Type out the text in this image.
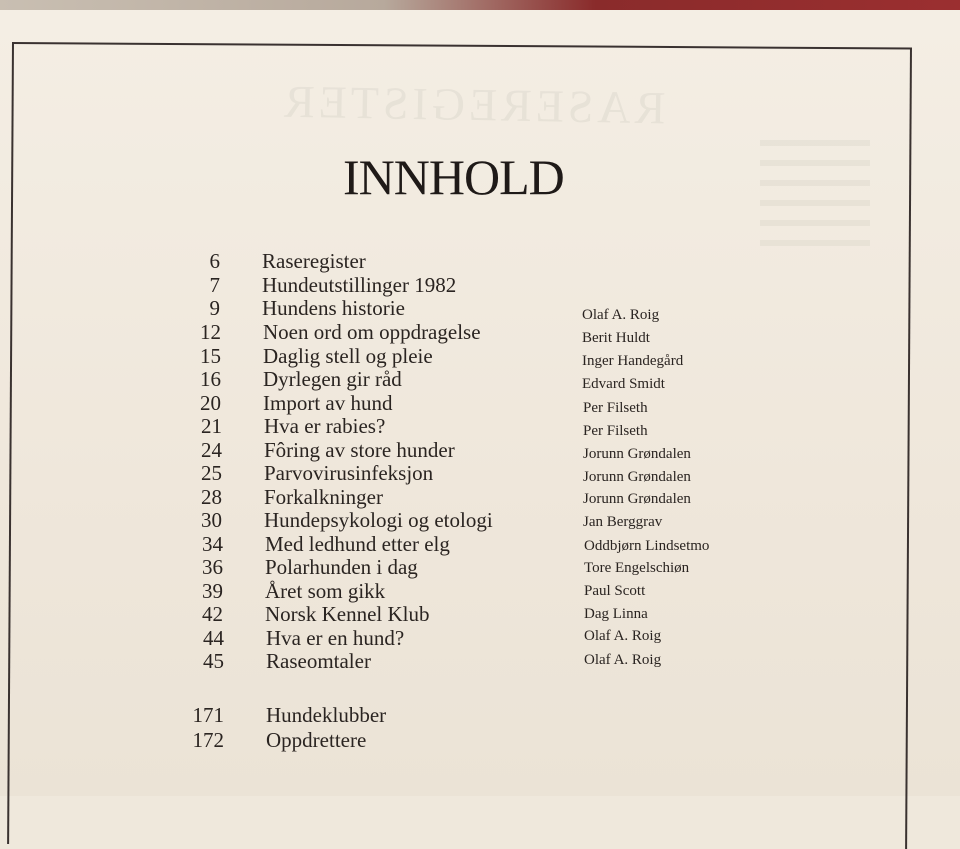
RASEREGISTER
INNHOLD
6 Raseregister
7 Hundeutstillinger 1982
9 Hundens historie
12 Noen ord om oppdragelse
15 Daglig stell og pleie
16 Dyrlegen gir råd
20 Import av hund
21 Hva er rabies?
24 Fôring av store hunder
25 Parvovirusinfeksjon
28 Forkalkninger
30 Hundepsykologi og etologi
34 Med ledhund etter elg
36 Polarhunden i dag
39 Året som gikk
42 Norsk Kennel Klub
44 Hva er en hund?
45 Raseomtaler
171 Hundeklubber
172 Oppdrettere
Olaf A. Roig
Berit Huldt
Inger Handegård
Edvard Smidt
Per Filseth
Per Filseth
Jorunn Grøndalen
Jorunn Grøndalen
Jorunn Grøndalen
Jan Berggrav
Oddbjørn Lindsetmo
Tore Engelschiøn
Paul Scott
Dag Linna
Olaf A. Roig
Olaf A. Roig
